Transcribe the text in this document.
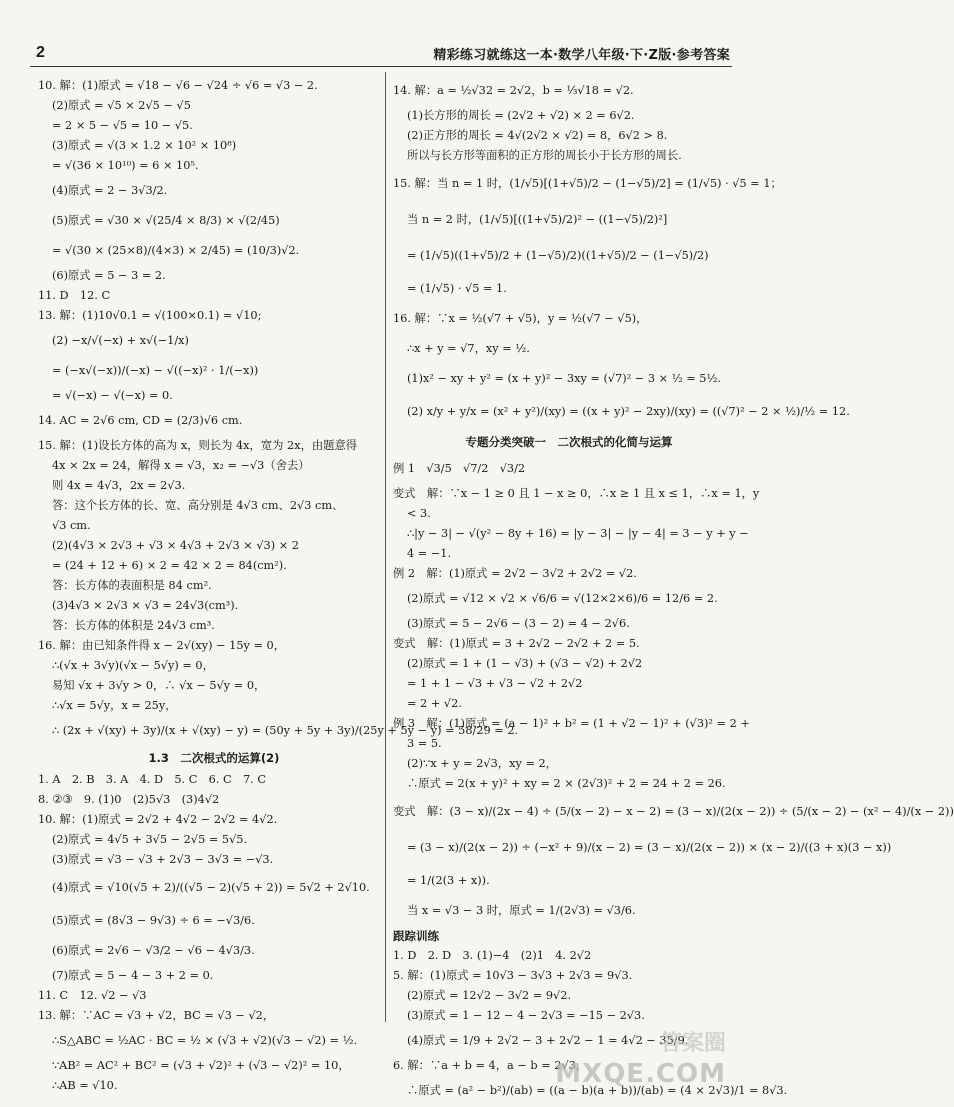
2	精彩练习就练这一本·数学八年级·下·Z版·参考答案
10. 解：(1)原式 = √18 − √6 − √24 ÷ √6 = √3 − 2.
(2)原式 = √5 × 2√5 − √5
= 2 × 5 − √5 = 10 − √5.
(3)原式 = √(3 × 1.2 × 10² × 10⁸)
= √(36 × 10¹⁰) = 6 × 10⁵.
(4)原式 = 2 − 3√3/2.
(5)原式 = √30 × √(25/4 × 8/3) × √(2/45)
= √(30 × (25×8)/(4×3) × 2/45) = (10/3)√2.
(6)原式 = 5 − 3 = 2.
11. D　12. C
13. 解：(1)10√0.1 = √(100×0.1) = √10;
(2) −x/√(−x) + x√(−1/x)
= (−x√(−x))/(−x) − √((−x)² · 1/(−x))
= √(−x) − √(−x) = 0.
14. AC = 2√6 cm, CD = (2/3)√6 cm.
15. 解：(1)设长方体的高为 x，则长为 4x，宽为 2x，由题意得
4x × 2x = 24，解得 x = √3，x₂ = −√3（舍去）
则 4x = 4√3，2x = 2√3.
答：这个长方体的长、宽、高分别是 4√3 cm、2√3 cm、
√3 cm.
(2)(4√3 × 2√3 + √3 × 4√3 + 2√3 × √3) × 2
= (24 + 12 + 6) × 2 = 42 × 2 = 84(cm²).
答：长方体的表面积是 84 cm².
(3)4√3 × 2√3 × √3 = 24√3(cm³).
答：长方体的体积是 24√3 cm³.
16. 解：由已知条件得 x − 2√(xy) − 15y = 0，
∴(√x + 3√y)(√x − 5√y) = 0，
易知 √x + 3√y > 0，∴ √x − 5√y = 0，
∴√x = 5√y，x = 25y，
∴ (2x + √(xy) + 3y)/(x + √(xy) − y) = (50y + 5y + 3y)/(25y + 5y − y) = 58/29 = 2.
1.3　二次根式的运算(2)
1. A　2. B　3. A　4. D　5. C　6. C　7. C
8. ②③　9. (1)0　(2)5√3　(3)4√2
10. 解：(1)原式 = 2√2 + 4√2 − 2√2 = 4√2.
(2)原式 = 4√5 + 3√5 − 2√5 = 5√5.
(3)原式 = √3 − √3 + 2√3 − 3√3 = −√3.
(4)原式 = √10(√5 + 2)/((√5 − 2)(√5 + 2)) = 5√2 + 2√10.
(5)原式 = (8√3 − 9√3) ÷ 6 = −√3/6.
(6)原式 = 2√6 − √3/2 − √6 − 4√3/3.
(7)原式 = 5 − 4 − 3 + 2 = 0.
11. C　12. √2 − √3
13. 解：∵AC = √3 + √2，BC = √3 − √2，
∴S△ABC = ½AC · BC = ½ × (√3 + √2)(√3 − √2) = ½.
∵AB² = AC² + BC² = (√3 + √2)² + (√3 − √2)² = 10，
∴AB = √10.
14. 解：a = ½√32 = 2√2，b = ⅓√18 = √2.
(1)长方形的周长 = (2√2 + √2) × 2 = 6√2.
(2)正方形的周长 = 4√(2√2 × √2) = 8，6√2 > 8.
所以与长方形等面积的正方形的周长小于长方形的周长.
15. 解：当 n = 1 时，(1/√5)[(1+√5)/2 − (1−√5)/2] = (1/√5) · √5 = 1；
当 n = 2 时，(1/√5)[((1+√5)/2)² − ((1−√5)/2)²]
= (1/√5)((1+√5)/2 + (1−√5)/2)((1+√5)/2 − (1−√5)/2)
= (1/√5) · √5 = 1.
16. 解：∵x = ½(√7 + √5)，y = ½(√7 − √5)，
∴x + y = √7，xy = ½.
(1)x² − xy + y² = (x + y)² − 3xy = (√7)² − 3 × ½ = 5½.
(2) x/y + y/x = (x² + y²)/(xy) = ((x + y)² − 2xy)/(xy) = ((√7)² − 2 × ½)/½ = 12.
专题分类突破一　二次根式的化简与运算
例 1　√3/5　√7/2　√3/2
变式　解：∵x − 1 ≥ 0 且 1 − x ≥ 0，∴x ≥ 1 且 x ≤ 1，∴x = 1，y
< 3.
∴|y − 3| − √(y² − 8y + 16) = |y − 3| − |y − 4| = 3 − y + y −
4 = −1.
例 2　解：(1)原式 = 2√2 − 3√2 + 2√2 = √2.
(2)原式 = √12 × √2 × √6/6 = √(12×2×6)/6 = 12/6 = 2.
(3)原式 = 5 − 2√6 − (3 − 2) = 4 − 2√6.
变式　解：(1)原式 = 3 + 2√2 − 2√2 + 2 = 5.
(2)原式 = 1 + (1 − √3) + (√3 − √2) + 2√2
= 1 + 1 − √3 + √3 − √2 + 2√2
= 2 + √2.
例 3　解：(1)原式 = (a − 1)² + b² = (1 + √2 − 1)² + (√3)² = 2 +
3 = 5.
(2)∵x + y = 2√3，xy = 2，
∴原式 = 2(x + y)² + xy = 2 × (2√3)² + 2 = 24 + 2 = 26.
变式　解：(3 − x)/(2x − 4) ÷ (5/(x − 2) − x − 2) = (3 − x)/(2(x − 2)) ÷ (5/(x − 2) − (x² − 4)/(x − 2))
= (3 − x)/(2(x − 2)) ÷ (−x² + 9)/(x − 2) = (3 − x)/(2(x − 2)) × (x − 2)/((3 + x)(3 − x))
= 1/(2(3 + x)).
当 x = √3 − 3 时，原式 = 1/(2√3) = √3/6.
跟踪训练
1. D　2. D　3. (1)−4　(2)1　4. 2√2
5. 解：(1)原式 = 10√3 − 3√3 + 2√3 = 9√3.
(2)原式 = 12√2 − 3√2 = 9√2.
(3)原式 = 1 − 12 − 4 − 2√3 = −15 − 2√3.
(4)原式 = 1/9 + 2√2 − 3 + 2√2 − 1 = 4√2 − 35/9.
6. 解：∵a + b = 4，a − b = 2√3，
∴原式 = (a² − b²)/(ab) = ((a − b)(a + b))/(ab) = (4 × 2√3)/1 = 8√3.
答案圈
MXQE.COM
